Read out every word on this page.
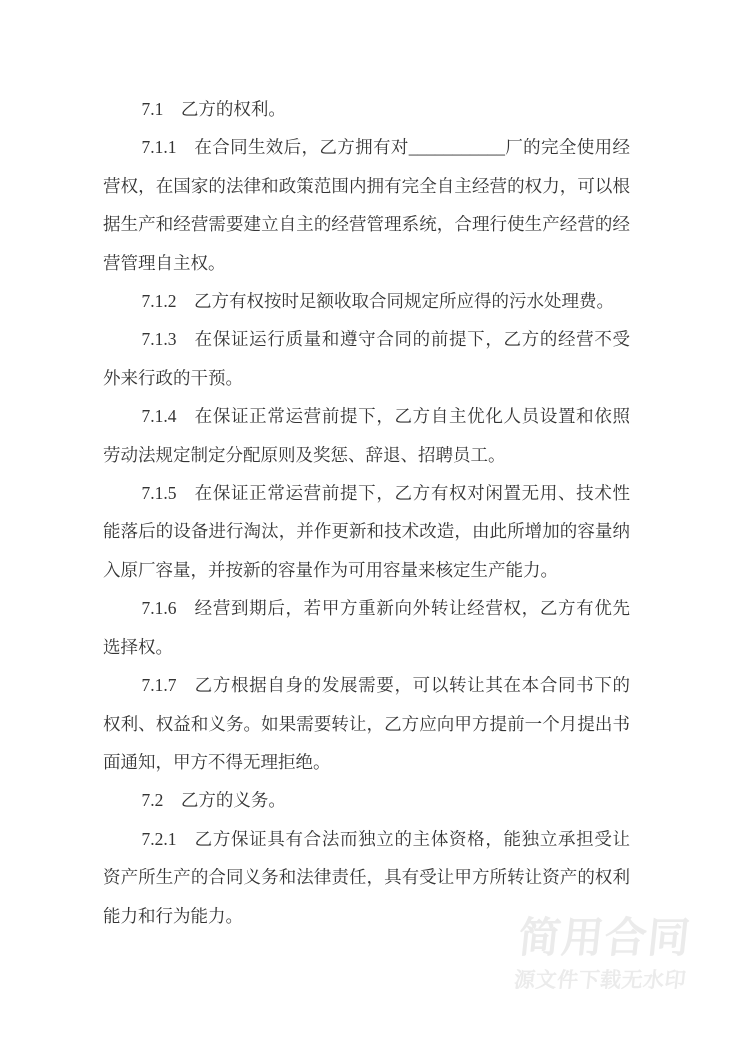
7.1 乙方的权利。

7.1.1 在合同生效后，乙方拥有对___________厂的完全使用经营权，在国家的法律和政策范围内拥有完全自主经营的权力，可以根据生产和经营需要建立自主的经营管理系统，合理行使生产经营的经营管理自主权。

7.1.2 乙方有权按时足额收取合同规定所应得的污水处理费。

7.1.3 在保证运行质量和遵守合同的前提下，乙方的经营不受外来行政的干预。

7.1.4 在保证正常运营前提下，乙方自主优化人员设置和依照劳动法规定制定分配原则及奖惩、辞退、招聘员工。

7.1.5 在保证正常运营前提下，乙方有权对闲置无用、技术性能落后的设备进行淘汰，并作更新和技术改造，由此所增加的容量纳入原厂容量，并按新的容量作为可用容量来核定生产能力。

7.1.6 经营到期后，若甲方重新向外转让经营权，乙方有优先选择权。

7.1.7 乙方根据自身的发展需要，可以转让其在本合同书下的权利、权益和义务。如果需要转让，乙方应向甲方提前一个月提出书面通知，甲方不得无理拒绝。

7.2 乙方的义务。

7.2.1 乙方保证具有合法而独立的主体资格，能独立承担受让资产所生产的合同义务和法律责任，具有受让甲方所转让资产的权利能力和行为能力。	简用合同
源文件下载无水印
